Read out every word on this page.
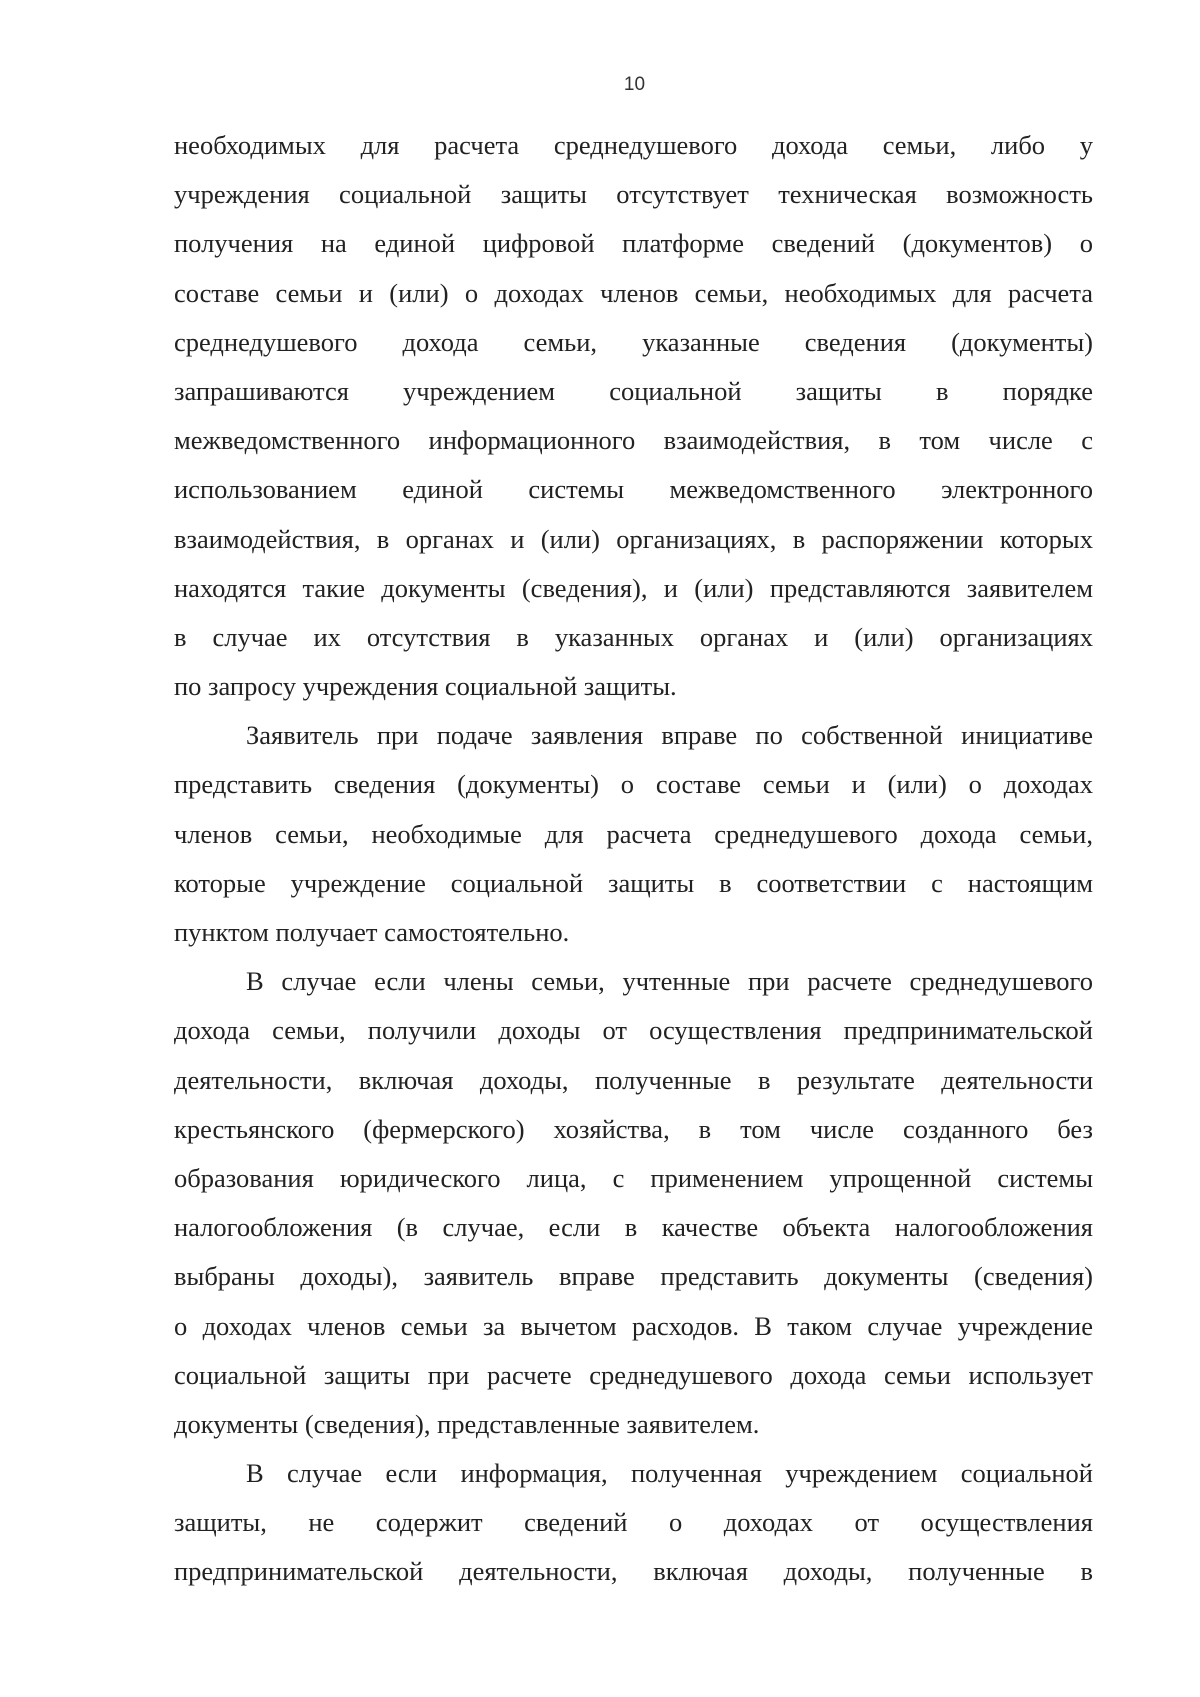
10
необходимых для расчета среднедушевого дохода семьи, либо у
учреждения социальной защиты отсутствует техническая возможность
получения на единой цифровой платформе сведений (документов) о
составе семьи и (или) о доходах членов семьи, необходимых для расчета
среднедушевого дохода семьи, указанные сведения (документы)
запрашиваются учреждением социальной защиты в порядке
межведомственного информационного взаимодействия, в том числе с
использованием единой системы межведомственного электронного
взаимодействия, в органах и (или) организациях, в распоряжении которых
находятся такие документы (сведения), и (или) представляются заявителем
в случае их отсутствия в указанных органах и (или) организациях
по запросу учреждения социальной защиты.
Заявитель при подаче заявления вправе по собственной инициативе
представить сведения (документы) о составе семьи и (или) о доходах
членов семьи, необходимые для расчета среднедушевого дохода семьи,
которые учреждение социальной защиты в соответствии с настоящим
пунктом получает самостоятельно.
В случае если члены семьи, учтенные при расчете среднедушевого
дохода семьи, получили доходы от осуществления предпринимательской
деятельности, включая доходы, полученные в результате деятельности
крестьянского (фермерского) хозяйства, в том числе созданного без
образования юридического лица, с применением упрощенной системы
налогообложения (в случае, если в качестве объекта налогообложения
выбраны доходы), заявитель вправе представить документы (сведения)
о доходах членов семьи за вычетом расходов. В таком случае учреждение
социальной защиты при расчете среднедушевого дохода семьи использует
документы (сведения), представленные заявителем.
В случае если информация, полученная учреждением социальной
защиты, не содержит сведений о доходах от осуществления
предпринимательской деятельности, включая доходы, полученные в
